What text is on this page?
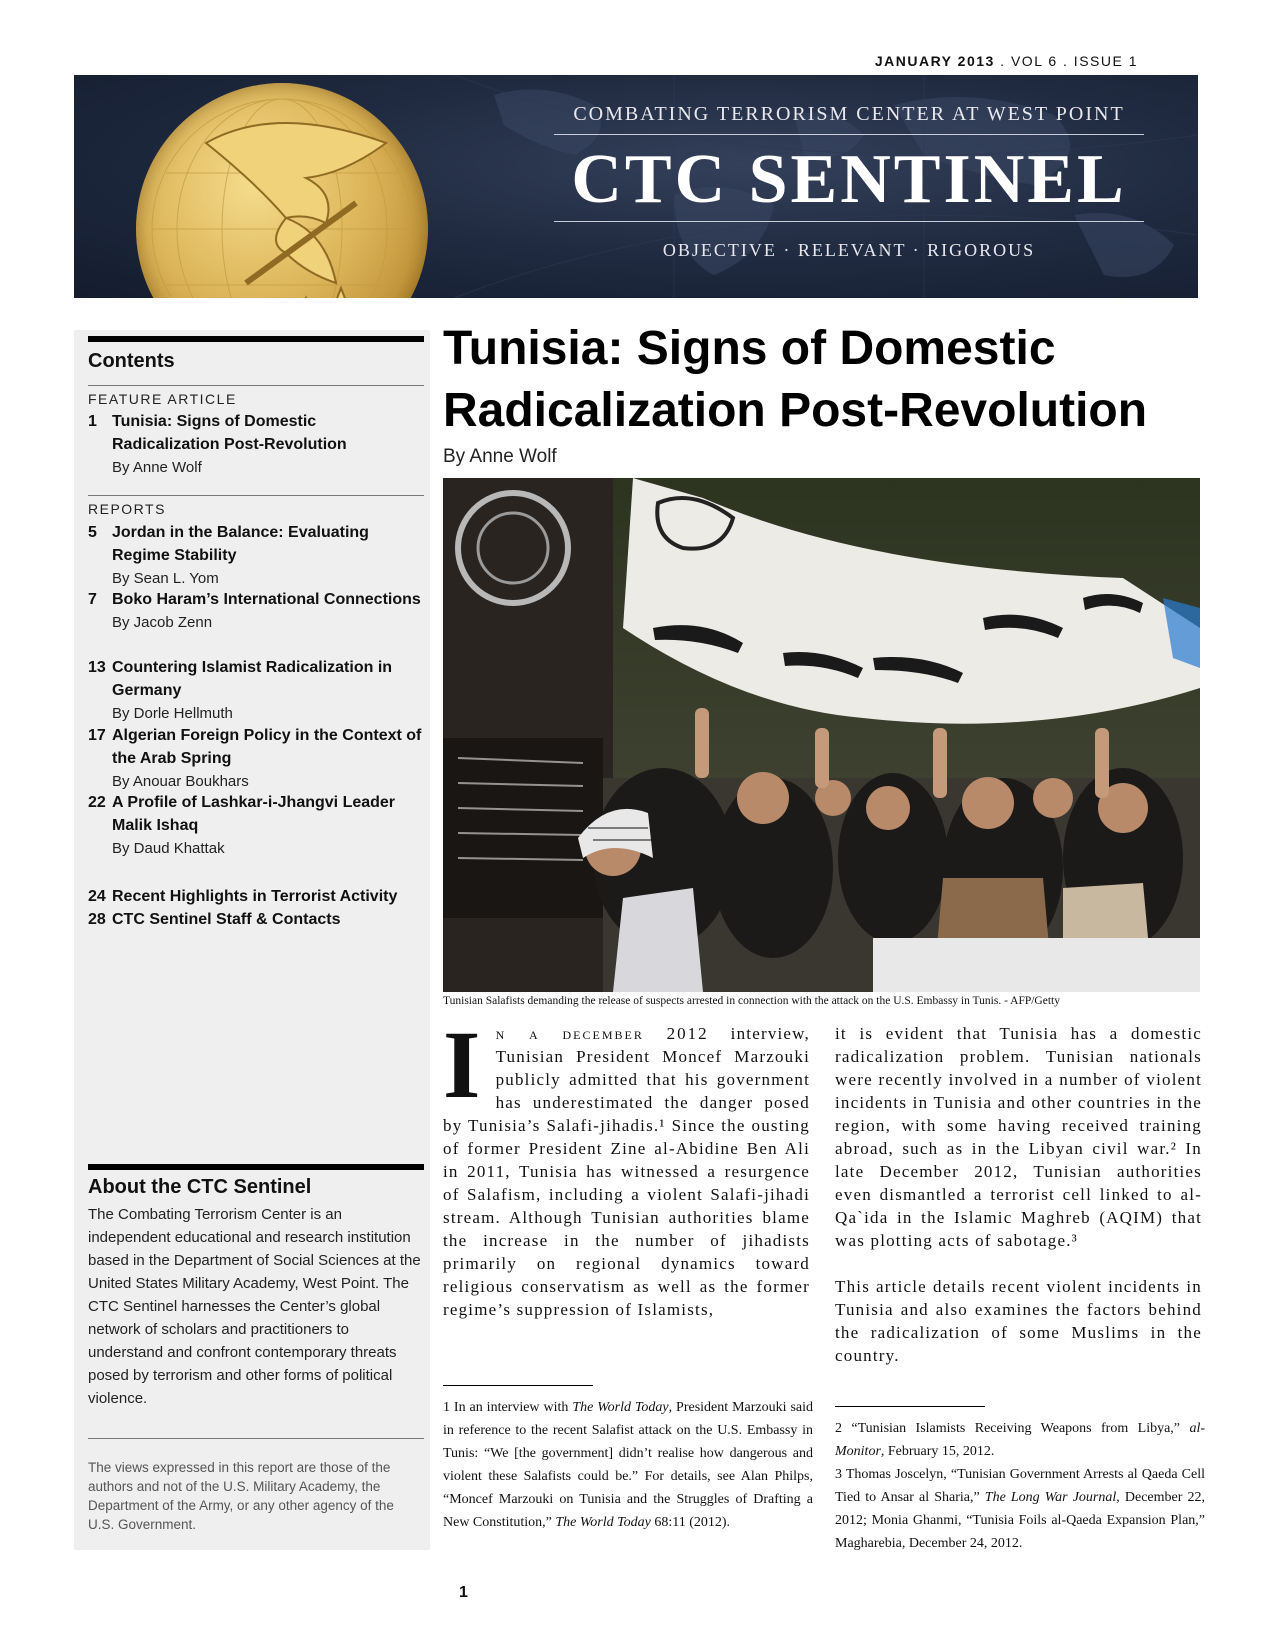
JANUARY 2013 . VOL 6 . ISSUE 1
COMBATING TERRORISM CENTER AT WEST POINT
CTC SENTINEL
OBJECTIVE · RELEVANT · RIGOROUS
Contents
FEATURE ARTICLE
1 Tunisia: Signs of Domestic Radicalization Post-Revolution
By Anne Wolf
REPORTS
5 Jordan in the Balance: Evaluating Regime Stability
By Sean L. Yom
7 Boko Haram’s International Connections
By Jacob Zenn
13 Countering Islamist Radicalization in Germany
By Dorle Hellmuth
17 Algerian Foreign Policy in the Context of the Arab Spring
By Anouar Boukhars
22 A Profile of Lashkar-i-Jhangvi Leader Malik Ishaq
By Daud Khattak
24 Recent Highlights in Terrorist Activity
28 CTC Sentinel Staff & Contacts
About the CTC Sentinel
The Combating Terrorism Center is an independent educational and research institution based in the Department of Social Sciences at the United States Military Academy, West Point. The CTC Sentinel harnesses the Center’s global network of scholars and practitioners to understand and confront contemporary threats posed by terrorism and other forms of political violence.
The views expressed in this report are those of the authors and not of the U.S. Military Academy, the Department of the Army, or any other agency of the U.S. Government.
Tunisia: Signs of Domestic Radicalization Post-Revolution
By Anne Wolf
Tunisian Salafists demanding the release of suspects arrested in connection with the attack on the U.S. Embassy in Tunis. - AFP/Getty
In a december 2012 interview, Tunisian President Moncef Marzouki publicly admitted that his government has underestimated the danger posed by Tunisia’s Salafi-jihadis.¹ Since the ousting of former President Zine al-Abidine Ben Ali in 2011, Tunisia has witnessed a resurgence of Salafism, including a violent Salafi-jihadi stream. Although Tunisian authorities blame the increase in the number of jihadists primarily on regional dynamics toward religious conservatism as well as the former regime’s suppression of Islamists,

it is evident that Tunisia has a domestic radicalization problem. Tunisian nationals were recently involved in a number of violent incidents in Tunisia and other countries in the region, with some having received training abroad, such as in the Libyan civil war.² In late December 2012, Tunisian authorities even dismantled a terrorist cell linked to al-Qa`ida in the Islamic Maghreb (AQIM) that was plotting acts of sabotage.³

This article details recent violent incidents in Tunisia and also examines the factors behind the radicalization of some Muslims in the country.

1 In an interview with The World Today, President Marzouki said in reference to the recent Salafist attack on the U.S. Embassy in Tunis: “We [the government] didn’t realise how dangerous and violent these Salafists could be.” For details, see Alan Philps, “Moncef Marzouki on Tunisia and the Struggles of Drafting a New Constitution,” The World Today 68:11 (2012).
2 “Tunisian Islamists Receiving Weapons from Libya,” al-Monitor, February 15, 2012.
3 Thomas Joscelyn, “Tunisian Government Arrests al Qaeda Cell Tied to Ansar al Sharia,” The Long War Journal, December 22, 2012; Monia Ghanmi, “Tunisia Foils al-Qaeda Expansion Plan,” Magharebia, December 24, 2012.
1
